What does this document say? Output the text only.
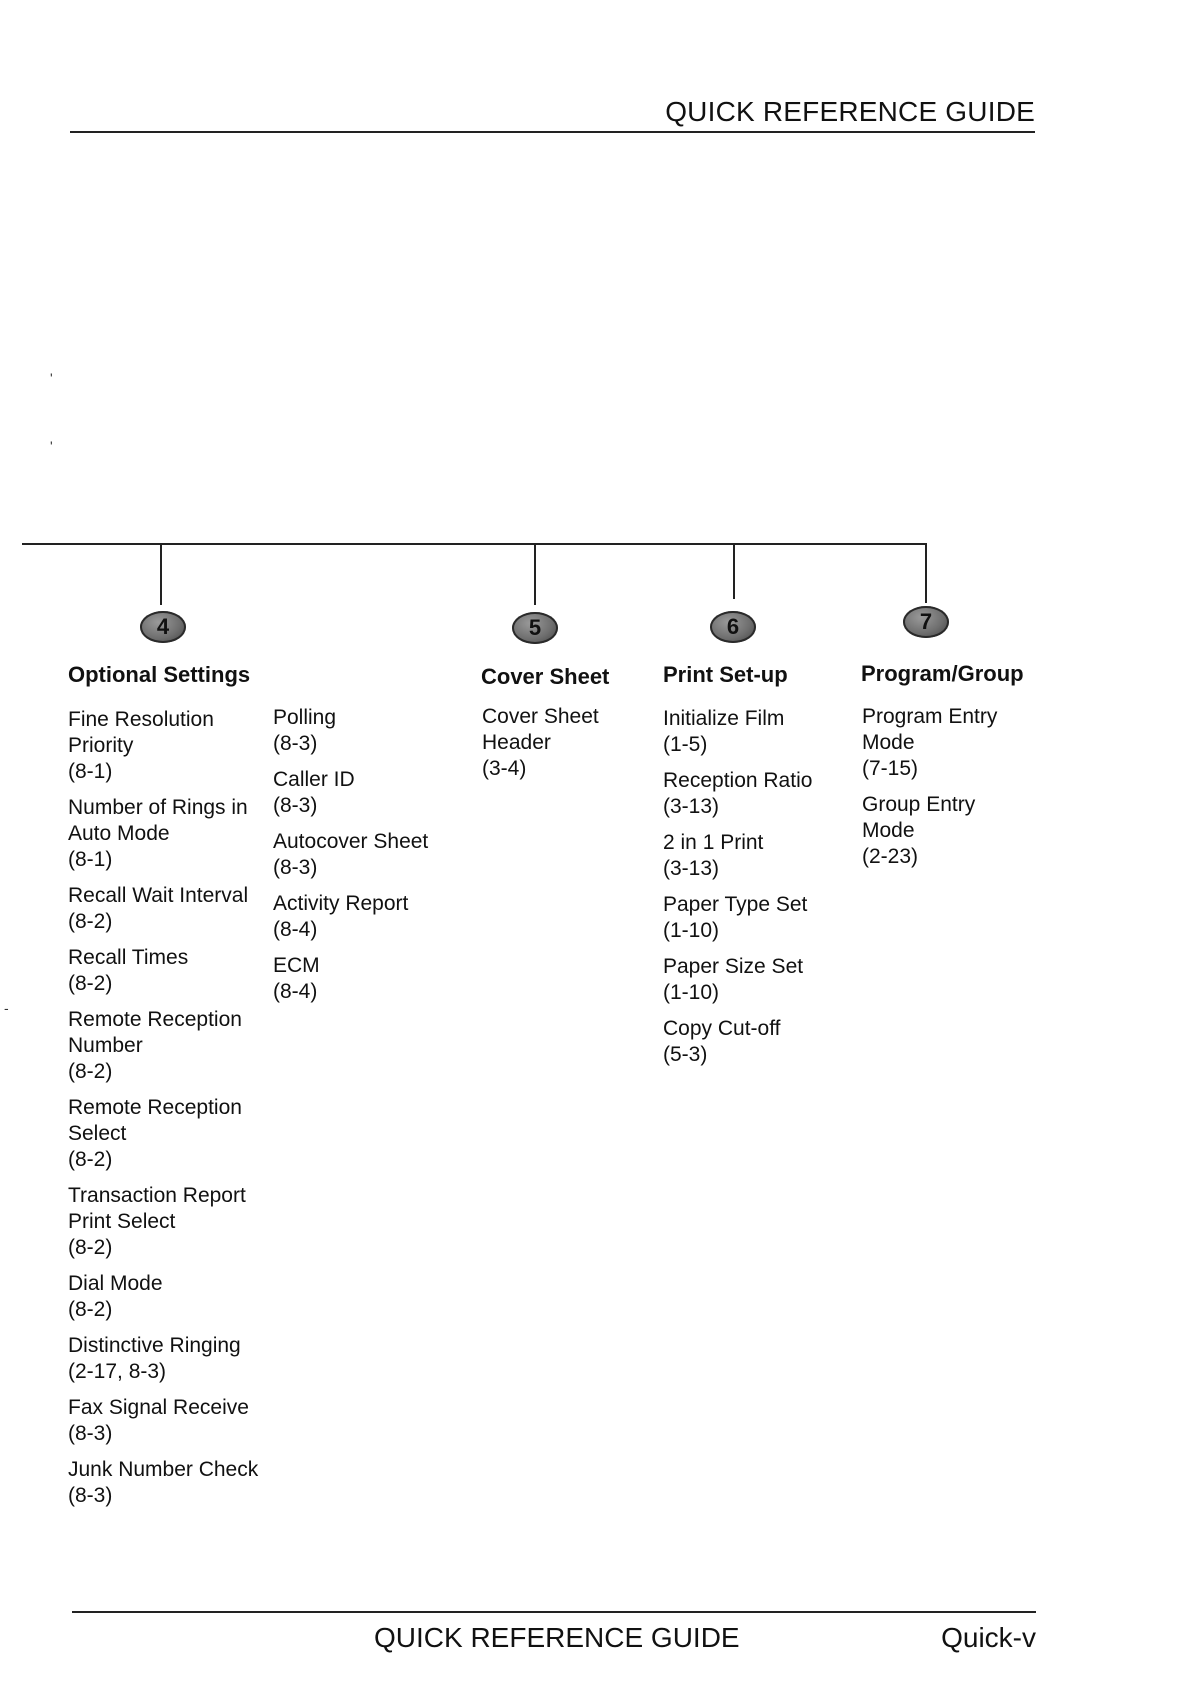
QUICK REFERENCE GUIDE
4
Optional Settings
Fine Resolution Priority
(8-1)
Number of Rings in Auto Mode
(8-1)
Recall Wait Interval
(8-2)
Recall Times
(8-2)
Remote Reception Number
(8-2)
Remote Reception Select
(8-2)
Transaction Report Print Select
(8-2)
Dial Mode
(8-2)
Distinctive Ringing
(2-17, 8-3)
Fax Signal Receive
(8-3)
Junk Number Check
(8-3)
Polling
(8-3)
Caller ID
(8-3)
Autocover Sheet
(8-3)
Activity Report
(8-4)
ECM
(8-4)
5
Cover Sheet
Cover Sheet Header
(3-4)
6
Print Set-up
Initialize Film
(1-5)
Reception Ratio
(3-13)
2 in 1 Print
(3-13)
Paper Type Set
(1-10)
Paper Size Set
(1-10)
Copy Cut-off
(5-3)
7
Program/Group
Program Entry Mode
(7-15)
Group Entry Mode
(2-23)
'
'
-
QUICK REFERENCE GUIDE	Quick-v
